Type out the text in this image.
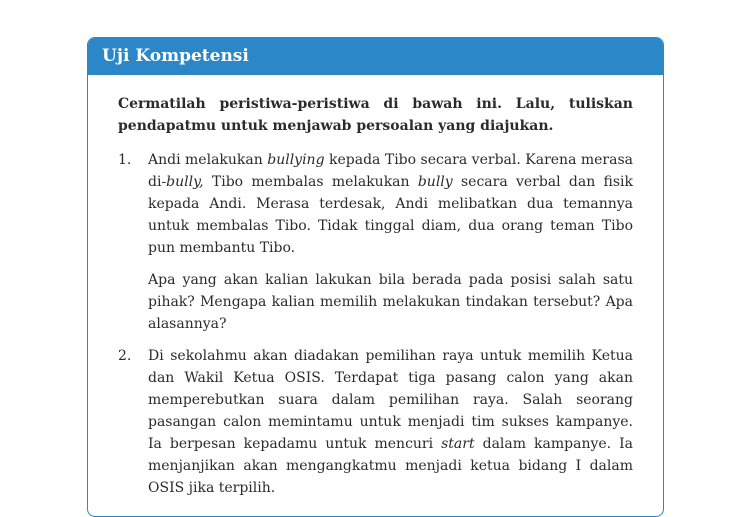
Uji Kompetensi

Cermatilah peristiwa-peristiwa di bawah ini. Lalu, tuliskan pendapatmu untuk menjawab persoalan yang diajukan.

1.	Andi melakukan bullying kepada Tibo secara verbal. Karena merasa di-bully, Tibo membalas melakukan bully secara verbal dan fisik kepada Andi. Merasa terdesak, Andi melibatkan dua temannya untuk membalas Tibo. Tidak tinggal diam, dua orang teman Tibo pun membantu Tibo.

Apa yang akan kalian lakukan bila berada pada posisi salah satu pihak? Mengapa kalian memilih melakukan tindakan tersebut? Apa alasannya?

2.	Di sekolahmu akan diadakan pemilihan raya untuk memilih Ketua dan Wakil Ketua OSIS. Terdapat tiga pasang calon yang akan memperebutkan suara dalam pemilihan raya. Salah seorang pasangan calon memintamu untuk menjadi tim sukses kampanye. Ia berpesan kepadamu untuk mencuri start dalam kampanye. Ia menjanjikan akan mengangkatmu menjadi ketua bidang I dalam OSIS jika terpilih.
